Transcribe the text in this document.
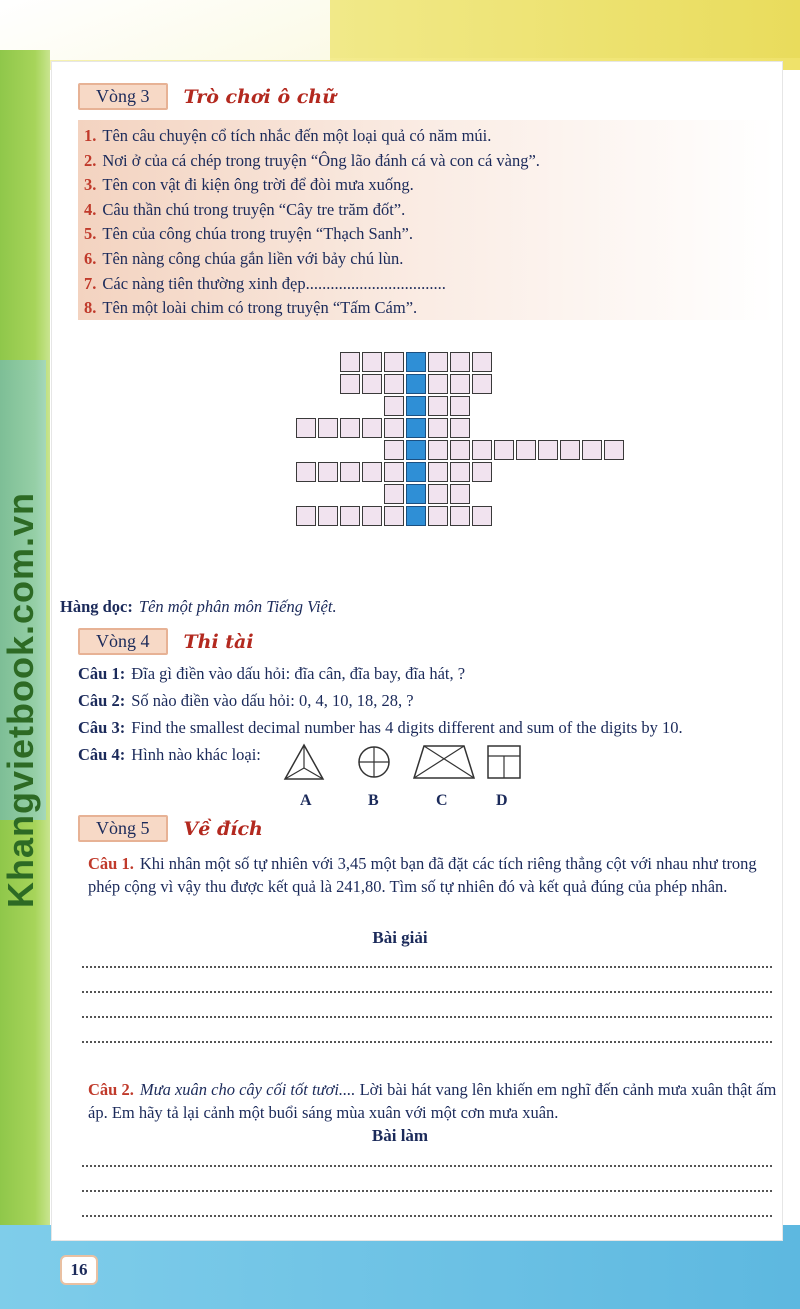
Khangvietbook.com.vn
Vòng 3	Trò chơi ô chữ
1. Tên câu chuyện cổ tích nhắc đến một loại quả có năm múi.
2. Nơi ở của cá chép trong truyện “Ông lão đánh cá và con cá vàng”.
3. Tên con vật đi kiện ông trời để đòi mưa xuống.
4. Câu thần chú trong truyện “Cây tre trăm đốt”.
5. Tên của công chúa trong truyện “Thạch Sanh”.
6. Tên nàng công chúa gắn liền với bảy chú lùn.
7. Các nàng tiên thường xinh đẹp..................................
8. Tên một loài chim có trong truyện “Tấm Cám”.
Hàng dọc: Tên một phân môn Tiếng Việt.
Vòng 4	Thi tài
Câu 1: Đĩa gì điền vào dấu hỏi: đĩa cân, đĩa bay, đĩa hát, ?
Câu 2: Số nào điền vào dấu hỏi: 0, 4, 10, 18, 28, ?
Câu 3: Find the smallest decimal number has 4 digits different and sum of the digits by 10.
Câu 4: Hình nào khác loại:
A	B	C	D
Vòng 5	Về đích
Câu 1. Khi nhân một số tự nhiên với 3,45 một bạn đã đặt các tích riêng thẳng cột với nhau như trong phép cộng vì vậy thu được kết quả là 241,80. Tìm số tự nhiên đó và kết quả đúng của phép nhân.
Bài giải
Câu 2. Mưa xuân cho cây cối tốt tươi.... Lời bài hát vang lên khiến em nghĩ đến cảnh mưa xuân thật ấm áp. Em hãy tả lại cảnh một buổi sáng mùa xuân với một cơn mưa xuân.
Bài làm
16
